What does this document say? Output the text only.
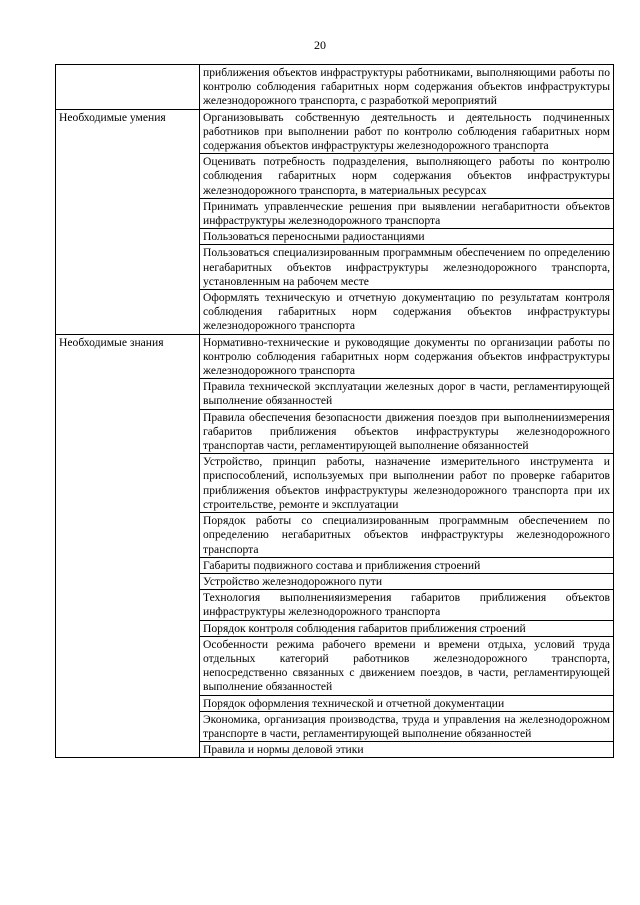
20
	приближения объектов инфраструктуры работниками, выполняющими работы по контролю соблюдения габаритных норм содержания объектов инфраструктуры железнодорожного транспорта, с разработкой мероприятий
Необходимые умения	Организовывать собственную деятельность и деятельность подчиненных работников при выполнении работ по контролю соблюдения габаритных норм содержания объектов инфраструктуры железнодорожного транспорта
	Оценивать потребность подразделения, выполняющего работы по контролю соблюдения габаритных норм содержания объектов инфраструктуры железнодорожного транспорта, в материальных ресурсах
	Принимать управленческие решения при выявлении негабаритности объектов инфраструктуры железнодорожного транспорта
	Пользоваться переносными радиостанциями
	Пользоваться специализированным программным обеспечением по определению негабаритных объектов инфраструктуры железнодорожного транспорта, установленным на рабочем месте
	Оформлять техническую и отчетную документацию по результатам контроля соблюдения габаритных норм содержания объектов инфраструктуры железнодорожного транспорта
Необходимые знания	Нормативно-технические и руководящие документы по организации работы по контролю соблюдения габаритных норм содержания объектов инфраструктуры железнодорожного транспорта
	Правила технической эксплуатации железных дорог в части, регламентирующей выполнение обязанностей
	Правила обеспечения безопасности движения поездов при выполнениизмерения габаритов приближения объектов инфраструктуры железнодорожного транспортав части, регламентирующей выполнение обязанностей
	Устройство, принцип работы, назначение измерительного инструмента и приспособлений, используемых при выполнении работ по проверке габаритов приближения объектов инфраструктуры железнодорожного транспорта при их строительстве, ремонте и эксплуатации
	Порядок работы со специализированным программным обеспечением по определению негабаритных объектов инфраструктуры железнодорожного транспорта
	Габариты подвижного состава и приближения строений
	Устройство железнодорожного пути
	Технология выполненияизмерения габаритов приближения объектов инфраструктуры железнодорожного транспорта
	Порядок контроля соблюдения габаритов приближения строений
	Особенности режима рабочего времени и времени отдыха, условий труда отдельных категорий работников железнодорожного транспорта, непосредственно связанных с движением поездов, в части, регламентирующей выполнение обязанностей
	Порядок оформления технической и отчетной документации
	Экономика, организация производства, труда и управления на железнодорожном транспорте в части, регламентирующей выполнение обязанностей
	Правила и нормы деловой этики
